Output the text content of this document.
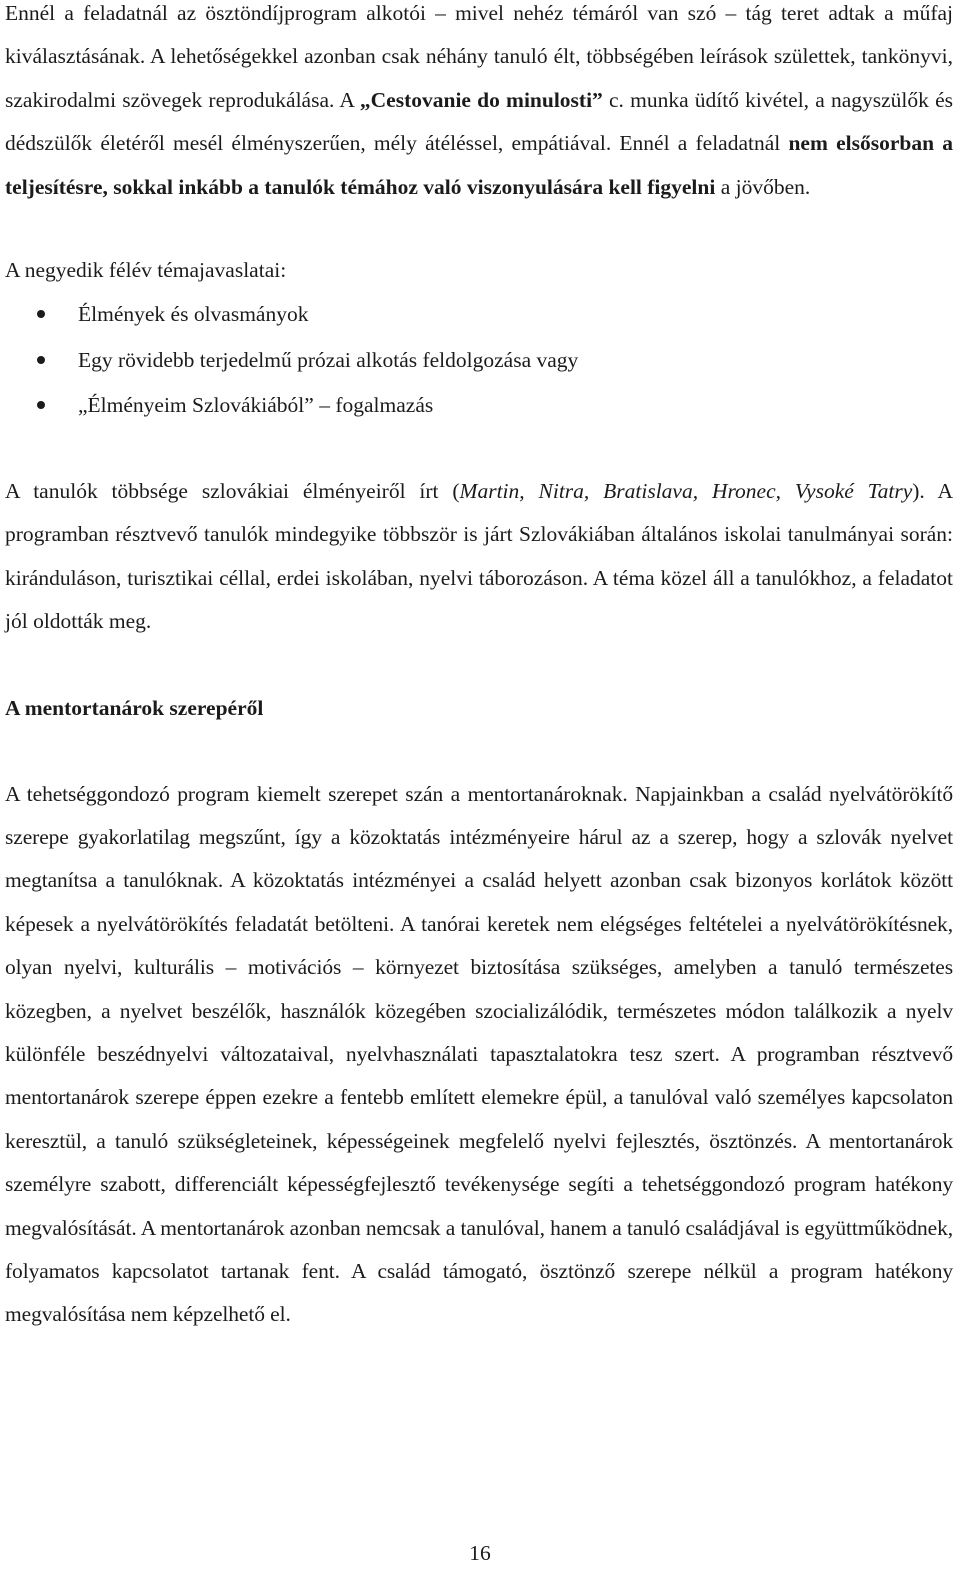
Ennél a feladatnál az ösztöndíjprogram alkotói – mivel nehéz témáról van szó – tág teret adtak a műfaj kiválasztásának. A lehetőségekkel azonban csak néhány tanuló élt, többségében leírások születtek, tankönyvi, szakirodalmi szövegek reprodukálása. A „Cestovanie do minulosti” c. munka üdítő kivétel, a nagyszülők és dédszülők életéről mesél élményszerűen, mély átéléssel, empátiával. Ennél a feladatnál nem elsősorban a teljesítésre, sokkal inkább a tanulók témához való viszonyulására kell figyelni a jövőben.

A negyedik félév témajavaslatai:

Élmények és olvasmányok
Egy rövidebb terjedelmű prózai alkotás feldolgozása vagy
„Élményeim Szlovákiából” – fogalmazás

A tanulók többsége szlovákiai élményeiről írt (Martin, Nitra, Bratislava, Hronec, Vysoké Tatry). A programban résztvevő tanulók mindegyike többször is járt Szlovákiában általános iskolai tanulmányai során: kiránduláson, turisztikai céllal, erdei iskolában, nyelvi táborozáson. A téma közel áll a tanulókhoz, a feladatot jól oldották meg.

A mentortanárok szerepéről

A tehetséggondozó program kiemelt szerepet szán a mentortanároknak. Napjainkban a család nyelvátörökítő szerepe gyakorlatilag megszűnt, így a közoktatás intézményeire hárul az a szerep, hogy a szlovák nyelvet megtanítsa a tanulóknak. A közoktatás intézményei a család helyett azonban csak bizonyos korlátok között képesek a nyelvátörökítés feladatát betölteni. A tanórai keretek nem elégséges feltételei a nyelvátörökítésnek, olyan nyelvi, kulturális – motivációs – környezet biztosítása szükséges, amelyben a tanuló természetes közegben, a nyelvet beszélők, használók közegében szocializálódik, természetes módon találkozik a nyelv különféle beszédnyelvi változataival, nyelvhasználati tapasztalatokra tesz szert. A programban résztvevő mentortanárok szerepe éppen ezekre a fentebb említett elemekre épül, a tanulóval való személyes kapcsolaton keresztül, a tanuló szükségleteinek, képességeinek megfelelő nyelvi fejlesztés, ösztönzés. A mentortanárok személyre szabott, differenciált képességfejlesztő tevékenysége segíti a tehetséggondozó program hatékony megvalósítását. A mentortanárok azonban nemcsak a tanulóval, hanem a tanuló családjával is együttműködnek, folyamatos kapcsolatot tartanak fent. A család támogató, ösztönző szerepe nélkül a program hatékony megvalósítása nem képzelhető el.

16
